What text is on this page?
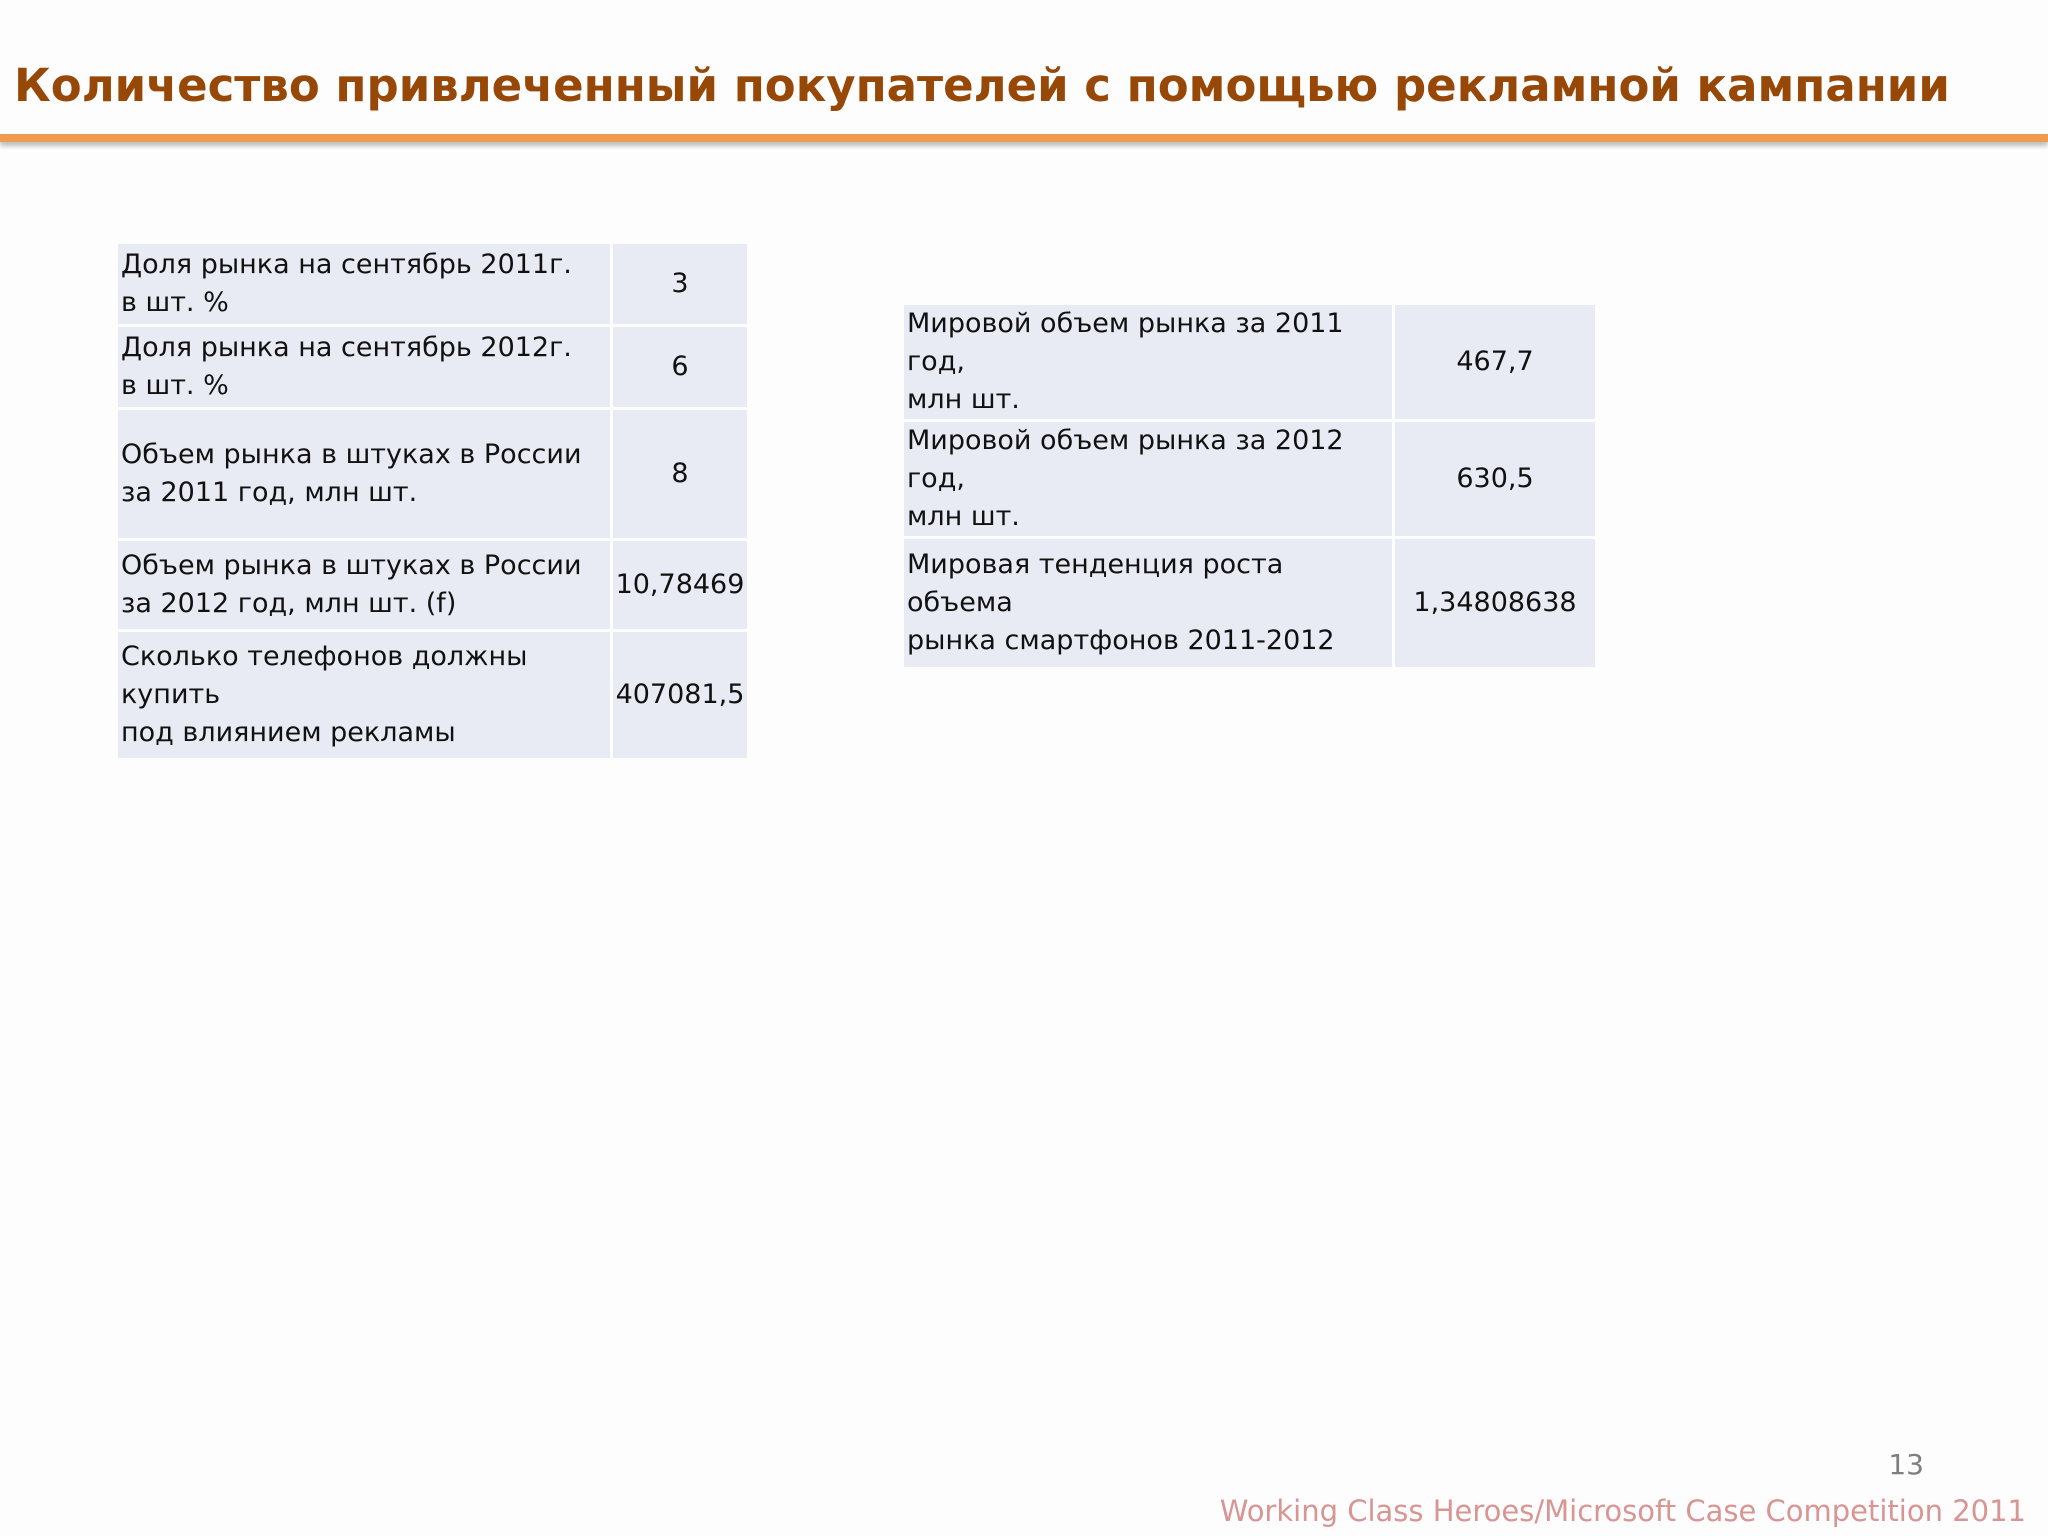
Количество привлеченный покупателей с помощью рекламной кампании
Доля рынка на сентябрь 2011г.
в шт. %	3
Доля рынка на сентябрь 2012г.
в шт. %	6
Объем рынка в штуках в России
за 2011 год, млн шт.	8
Объем рынка в штуках в России
за 2012 год, млн шт. (f)	10,78469
Сколько телефонов должны купить
под влиянием рекламы	407081,5
Мировой объем рынка за 2011 год,
млн шт.	467,7
Мировой объем рынка за 2012 год,
млн шт.	630,5
Мировая тенденция роста объема
рынка смартфонов 2011-2012	1,34808638
13
Working Class Heroes/Microsoft Case Competition 2011
